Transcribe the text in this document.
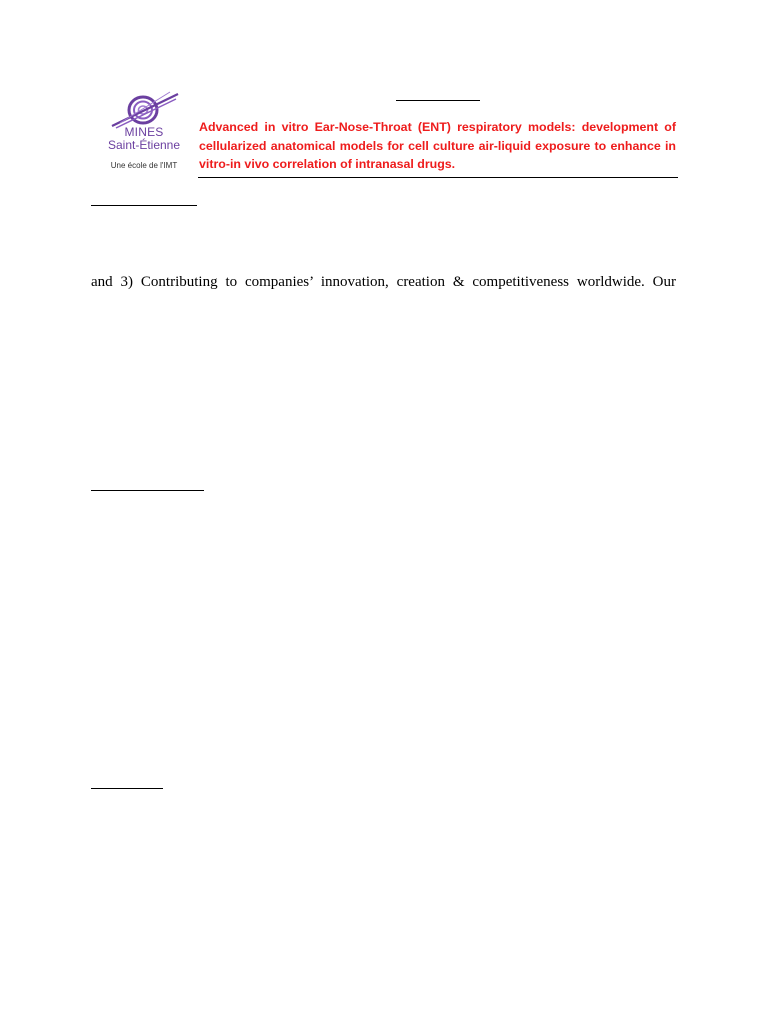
MINES
Saint-Étienne
Une école de l'IMT

Advanced in vitro Ear-Nose-Throat (ENT) respiratory models: development of cellularized anatomical models for cell culture air-liquid exposure to enhance in vitro-in vivo correlation of intranasal drugs.

and 3) Contributing to companies’ innovation, creation & competitiveness worldwide. Our
